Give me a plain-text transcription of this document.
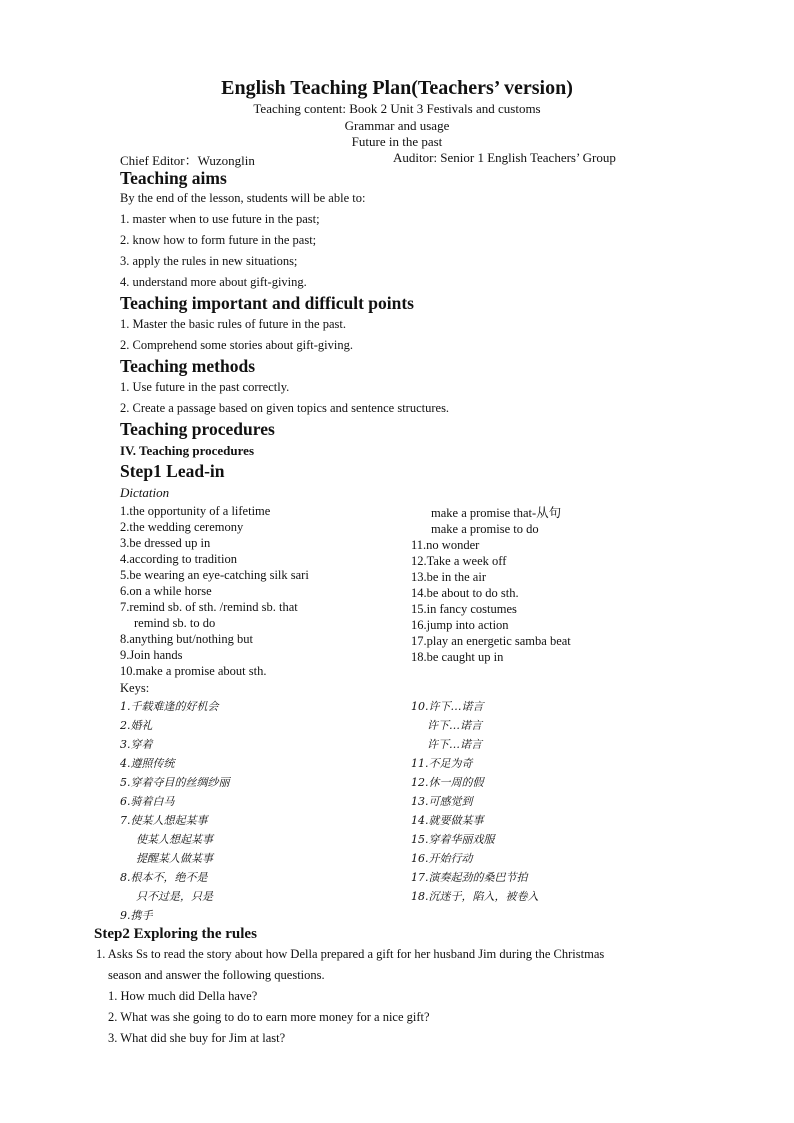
English Teaching Plan(Teachers’ version)
Teaching content: Book 2 Unit 3 Festivals and customs
Grammar and usage
Future in the past
Chief Editor：Wuzonglin	Auditor: Senior 1 English Teachers’ Group
Teaching aims
By the end of the lesson, students will be able to:
1. master when to use future in the past;
2. know how to form future in the past;
3. apply the rules in new situations;
4. understand more about gift-giving.
Teaching important and difficult points
1. Master the basic rules of future in the past.
2. Comprehend some stories about gift-giving.
Teaching methods
1. Use future in the past correctly.
2. Create a passage based on given topics and sentence structures.
Teaching procedures
IV. Teaching procedures
Step1 Lead-in
Dictation
1.the opportunity of a lifetime
2.the wedding ceremony
3.be dressed up in
4.according to tradition
5.be wearing an eye-catching silk sari
6.on a while horse
7.remind sb. of sth. /remind sb. that
remind sb. to do
8.anything but/nothing but
9.Join hands
10.make a promise about sth.
make a promise that-从句
make a promise to do
11.no wonder
12.Take a week off
13.be in the air
14.be about to do sth.
15.in fancy costumes
16.jump into action
17.play an energetic samba beat
18.be caught up in
Keys:
1.千载难逢的好机会
2.婚礼
3.穿着
4.遵照传统
5.穿着夺目的丝绸纱丽
6.骑着白马
7.使某人想起某事
使某人想起某事
提醒某人做某事
8.根本不，绝不是
只不过是，只是
9.携手
10.许下…诺言
许下…诺言
许下…诺言
11.不足为奇
12.休一周的假
13.可感觉到
14.就要做某事
15.穿着华丽戏服
16.开始行动
17.演奏起劲的桑巴节拍
18.沉迷于，陷入，被卷入
Step2 Exploring the rules
1. Asks Ss to read the story about how Della prepared a gift for her husband Jim during the Christmas
season and answer the following questions.
1. How much did Della have?
2. What was she going to do to earn more money for a nice gift?
3. What did she buy for Jim at last?
